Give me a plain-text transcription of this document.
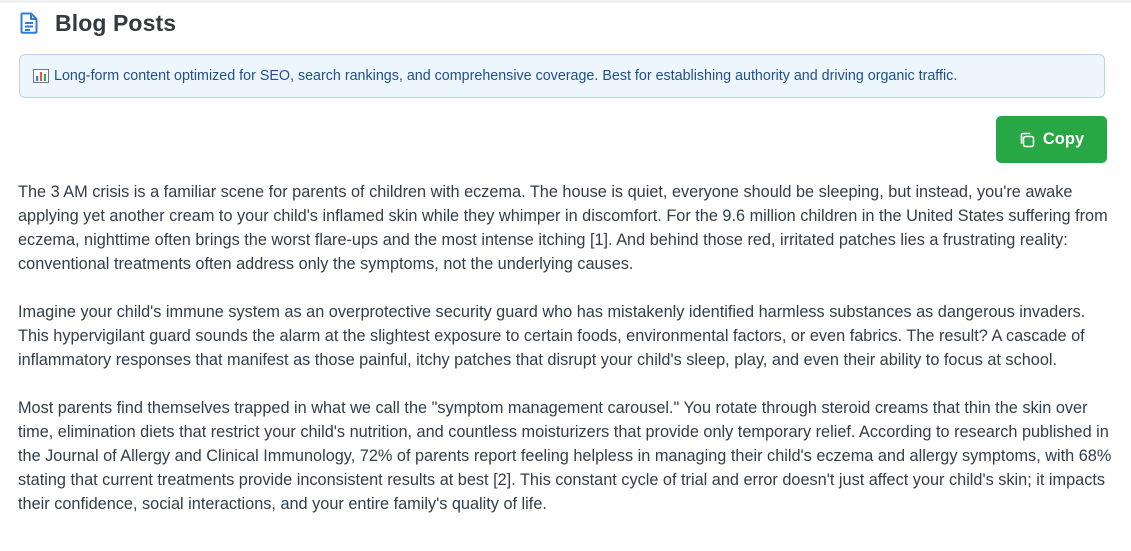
Blog Posts
Long-form content optimized for SEO, search rankings, and comprehensive coverage. Best for establishing authority and driving organic traffic.
Copy

The 3 AM crisis is a familiar scene for parents of children with eczema. The house is quiet, everyone should be sleeping, but instead, you're awake applying yet another cream to your child's inflamed skin while they whimper in discomfort. For the 9.6 million children in the United States suffering from eczema, nighttime often brings the worst flare-ups and the most intense itching [1]. And behind those red, irritated patches lies a frustrating reality: conventional treatments often address only the symptoms, not the underlying causes.

Imagine your child's immune system as an overprotective security guard who has mistakenly identified harmless substances as dangerous invaders. This hypervigilant guard sounds the alarm at the slightest exposure to certain foods, environmental factors, or even fabrics. The result? A cascade of inflammatory responses that manifest as those painful, itchy patches that disrupt your child's sleep, play, and even their ability to focus at school.

Most parents find themselves trapped in what we call the "symptom management carousel." You rotate through steroid creams that thin the skin over time, elimination diets that restrict your child's nutrition, and countless moisturizers that provide only temporary relief. According to research published in the Journal of Allergy and Clinical Immunology, 72% of parents report feeling helpless in managing their child's eczema and allergy symptoms, with 68% stating that current treatments provide inconsistent results at best [2]. This constant cycle of trial and error doesn't just affect your child's skin; it impacts their confidence, social interactions, and your entire family's quality of life.
